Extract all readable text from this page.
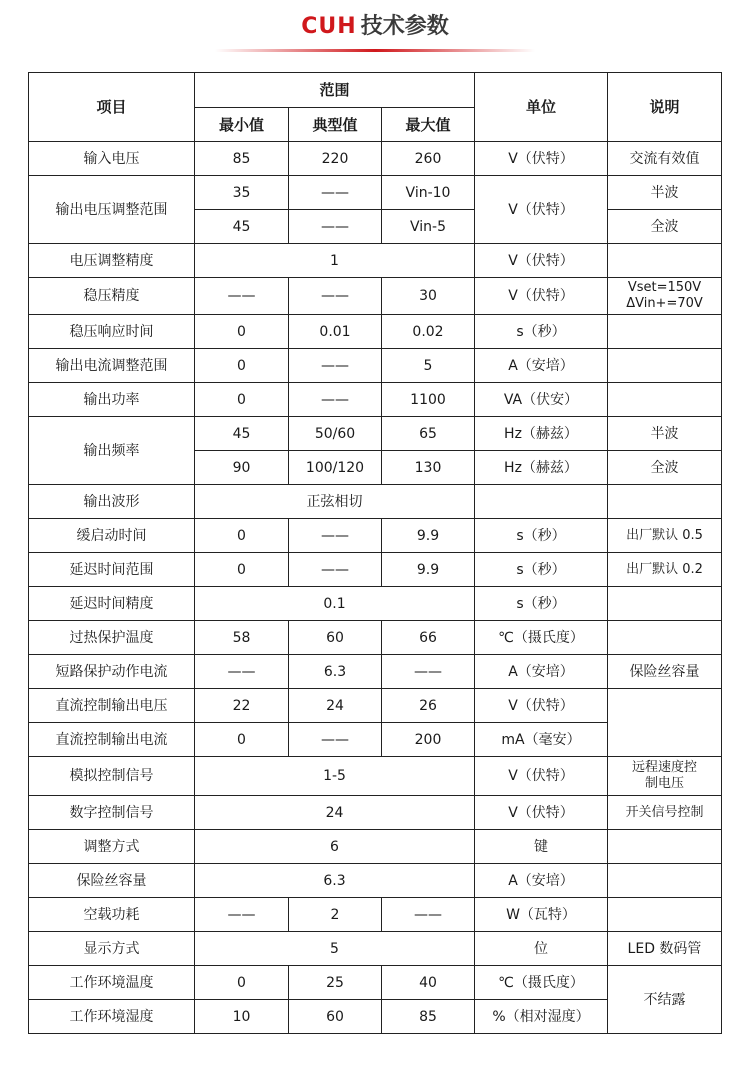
CUH 技术参数
项目	范围			单位	说明
	最小值	典型值	最大值		
输入电压	85	220	260	V（伏特）	交流有效值
输出电压调整范围	35	——	Vin-10	V（伏特）	半波
	45	——	Vin-5		全波
电压调整精度	1			V（伏特）	
稳压精度	——	——	30	V（伏特）	Vset=150V
ΔVin+=70V
稳压响应时间	0	0.01	0.02	s（秒）	
输出电流调整范围	0	——	5	A（安培）	
输出功率	0	——	1100	VA（伏安）	
输出频率	45	50/60	65	Hz（赫兹）	半波
	90	100/120	130	Hz（赫兹）	全波
输出波形	正弦相切				
缓启动时间	0	——	9.9	s（秒）	出厂默认 0.5
延迟时间范围	0	——	9.9	s（秒）	出厂默认 0.2
延迟时间精度	0.1			s（秒）	
过热保护温度	58	60	66	℃（摄氏度）	
短路保护动作电流	——	6.3	——	A（安培）	保险丝容量
直流控制输出电压	22	24	26	V（伏特）	
直流控制输出电流	0	——	200	mA（毫安）	
模拟控制信号	1-5			V（伏特）	远程速度控
制电压
数字控制信号	24			V（伏特）	开关信号控制
调整方式	6			键	
保险丝容量	6.3			A（安培）	
空载功耗	——	2	——	W（瓦特）	
显示方式	5			位	LED 数码管
工作环境温度	0	25	40	℃（摄氏度）	不结露
工作环境湿度	10	60	85	%（相对湿度）	
